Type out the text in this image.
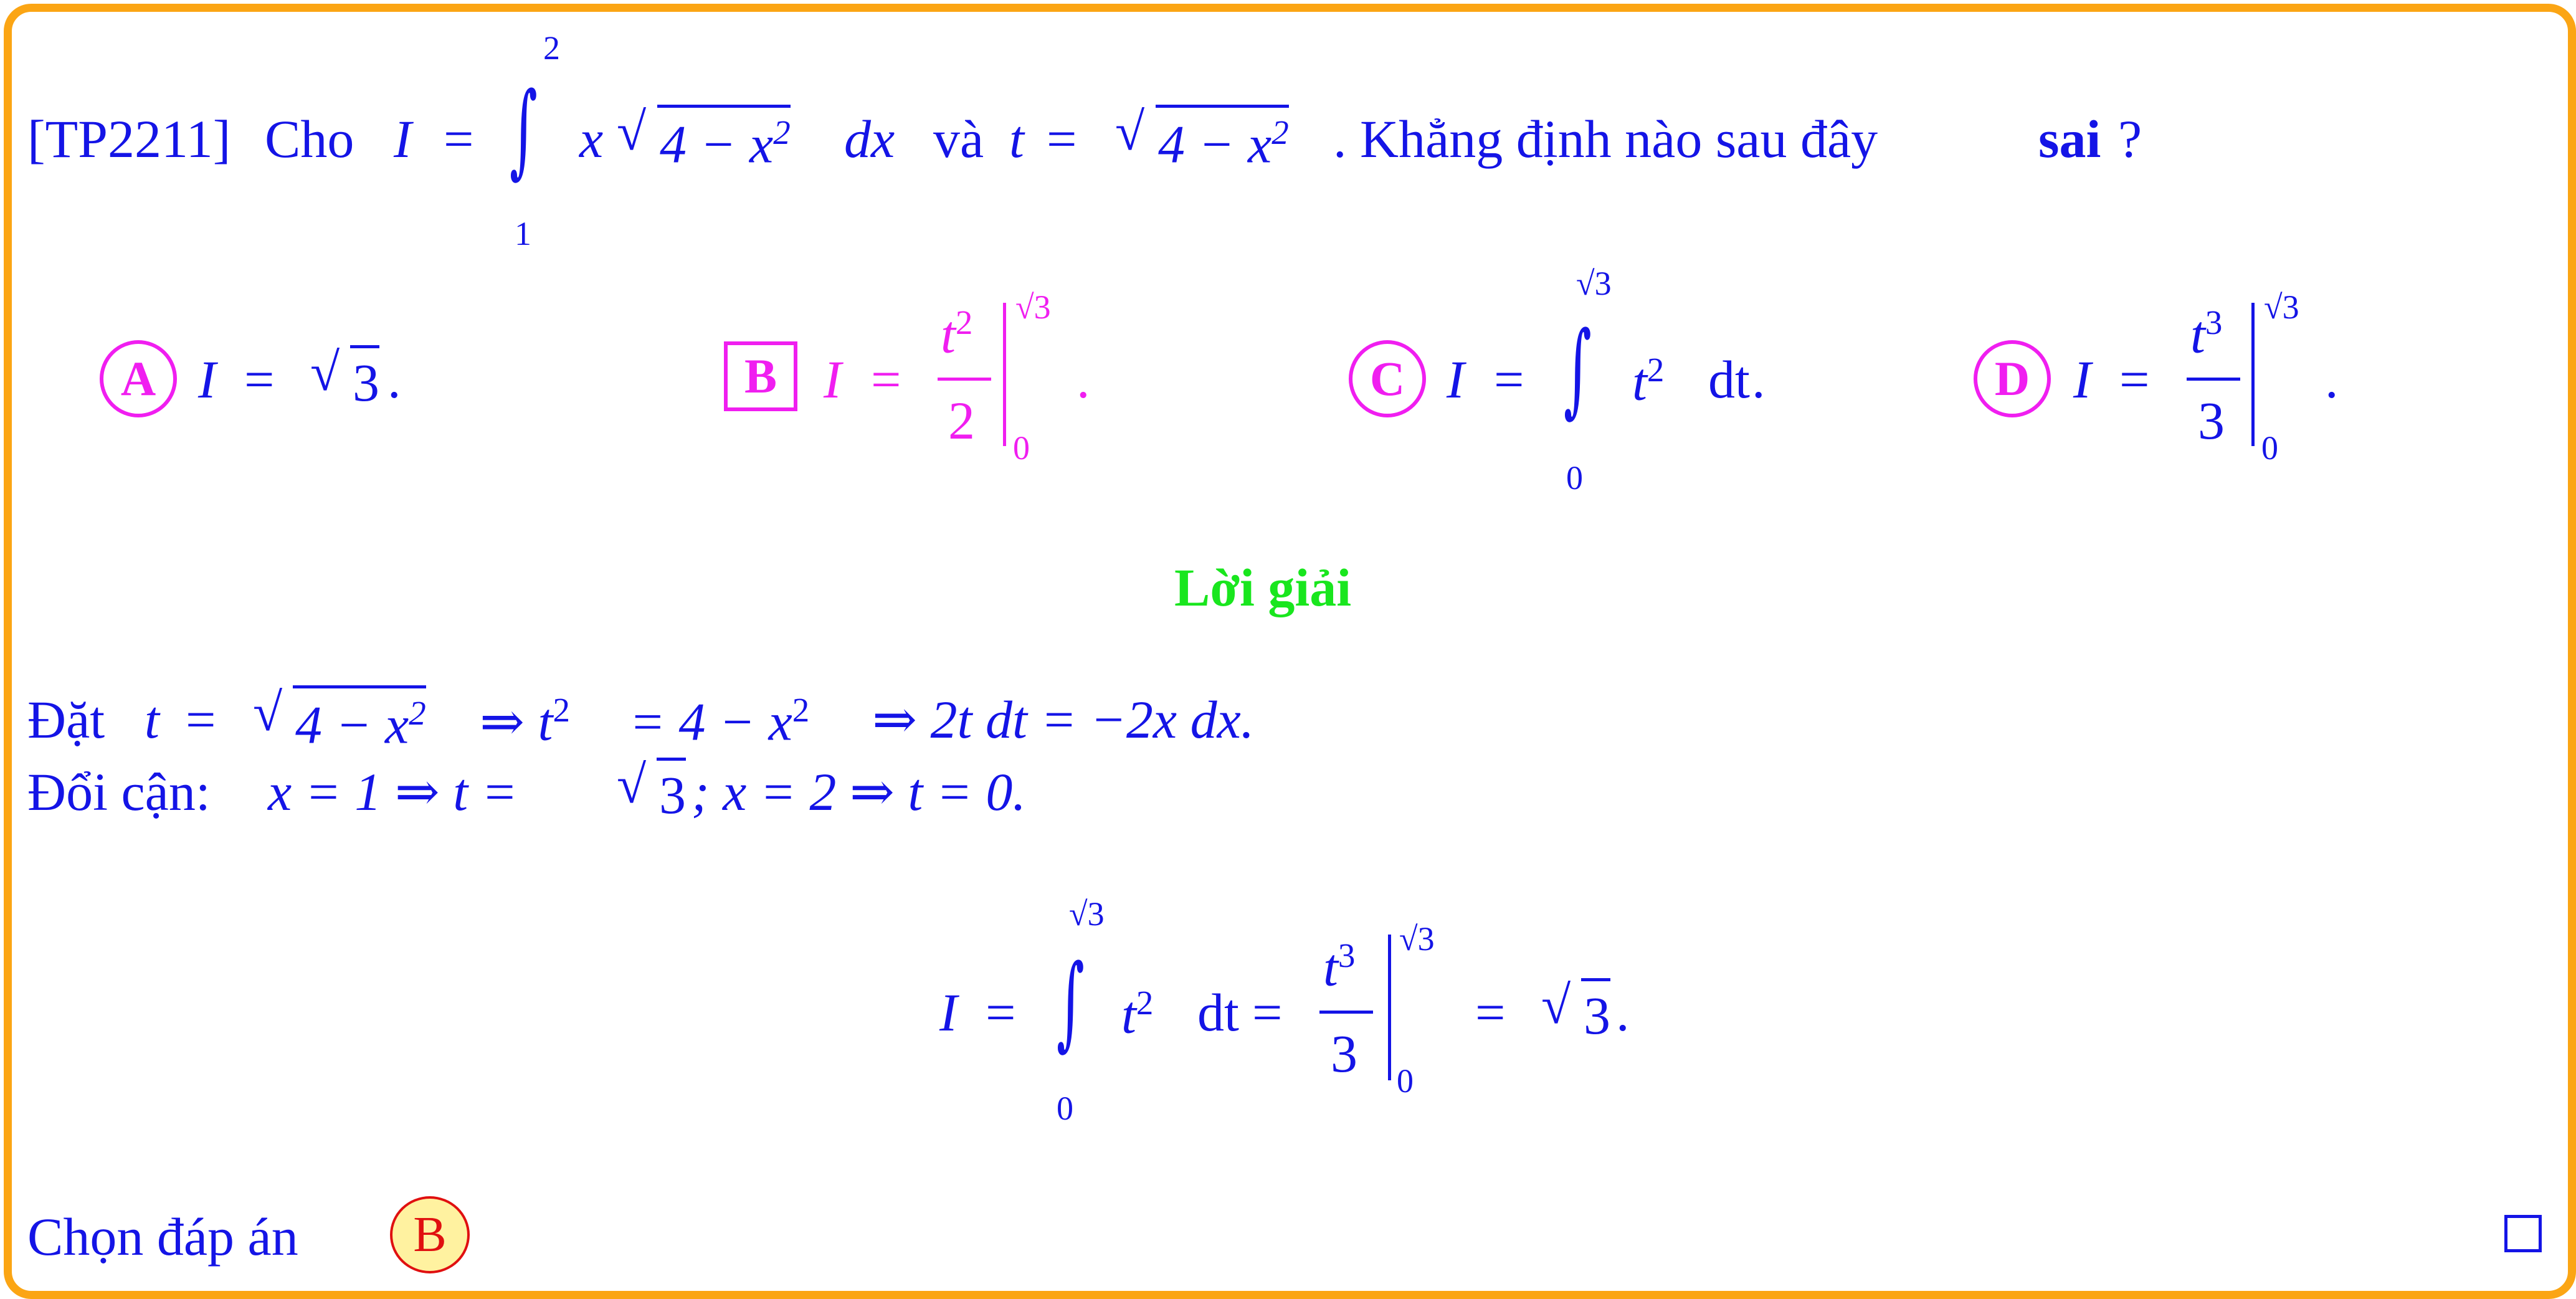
[TP2211] Cho I =
2
∫
1
x √ $4 - x^2$ dx và t = √ $4 - x^2$ . Khẳng định nào sau đây	sai ?
A I = √ 3 .	B I =
$t^2$
2
√3
0
.	C I =
√3
∫
0
$t^2$ dt .	D I =
$t^3$
3
√3
0
.
Lời giải
Đặt t = √ $4 - x^2$ ⇒ $t^2 = 4 - x^2$ ⇒ 2t dt = −2x dx.
Đổi cận: x = 1 ⇒ t = √ 3 ; x = 2 ⇒ t = 0.
I =
√3
∫
0
$t^2$ dt =
$t^3$
3
√3
0
= √ 3 .
Chọn đáp án	B
